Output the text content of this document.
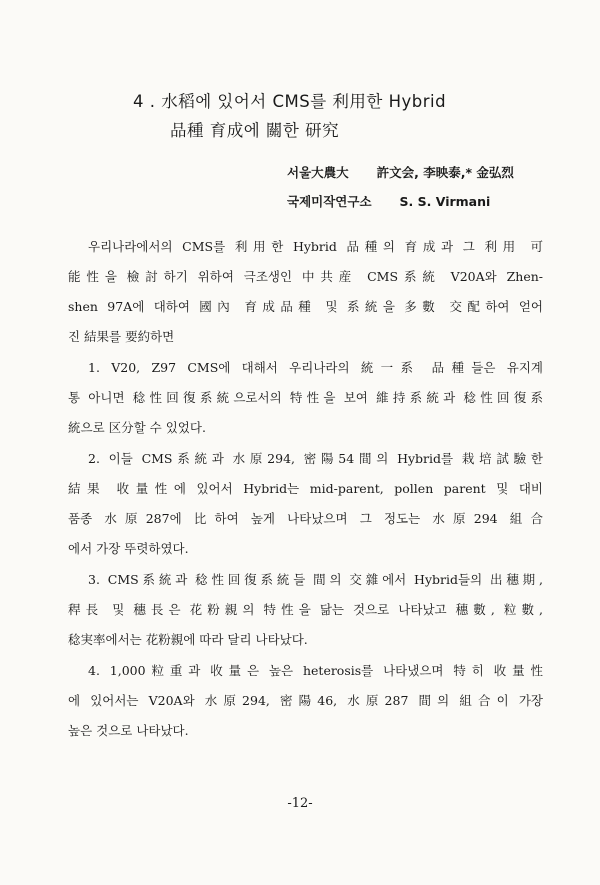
4 . 水稻에 있어서 CMS를 利用한 Hybrid
品種 育成에 關한 研究
서울大農大 許文会, 李映泰,* 金弘烈
국제미작연구소 S. S. Virmani
우리나라에서의 CMS를 利用한 Hybrid 品種의 育成과 그 利用 可
能性을 檢討하기 위하여 극조생인 中共産 CMS系統 V20A와 Zhen-
shen 97A에 대하여 國內 育成品種 및 系統을 多數 交配하여 얻어
진 結果를 要約하면
1. V20, Z97 CMS에 대해서 우리나라의 統一系 品種들은 유지계
통 아니면 稔性回復系統으로서의 特性을 보여 維持系統과 稔性回復系
統으로 区分할 수 있었다.
2. 이들 CMS系統과 水原294, 密陽54間의 Hybrid를 栽培試驗한
結果 收量性에 있어서 Hybrid는 mid-parent, pollen parent 및 대비
품종 水原287에 比하여 높게 나타났으며 그 정도는 水原294 組合
에서 가장 뚜렷하였다.
3. CMS系統과 稔性回復系統들 間의 交雜에서 Hybrid들의 出穗期,
稈長 및 穗長은 花粉親의 特性을 닮는 것으로 나타났고 穗數, 粒數,
稔実率에서는 花粉親에 따라 달리 나타났다.
4. 1,000粒重과 收量은 높은 heterosis를 나타냈으며 特히 收量性
에 있어서는 V20A와 水原294, 密陽46, 水原287 間의 組合이 가장
높은 것으로 나타났다.
-12-
